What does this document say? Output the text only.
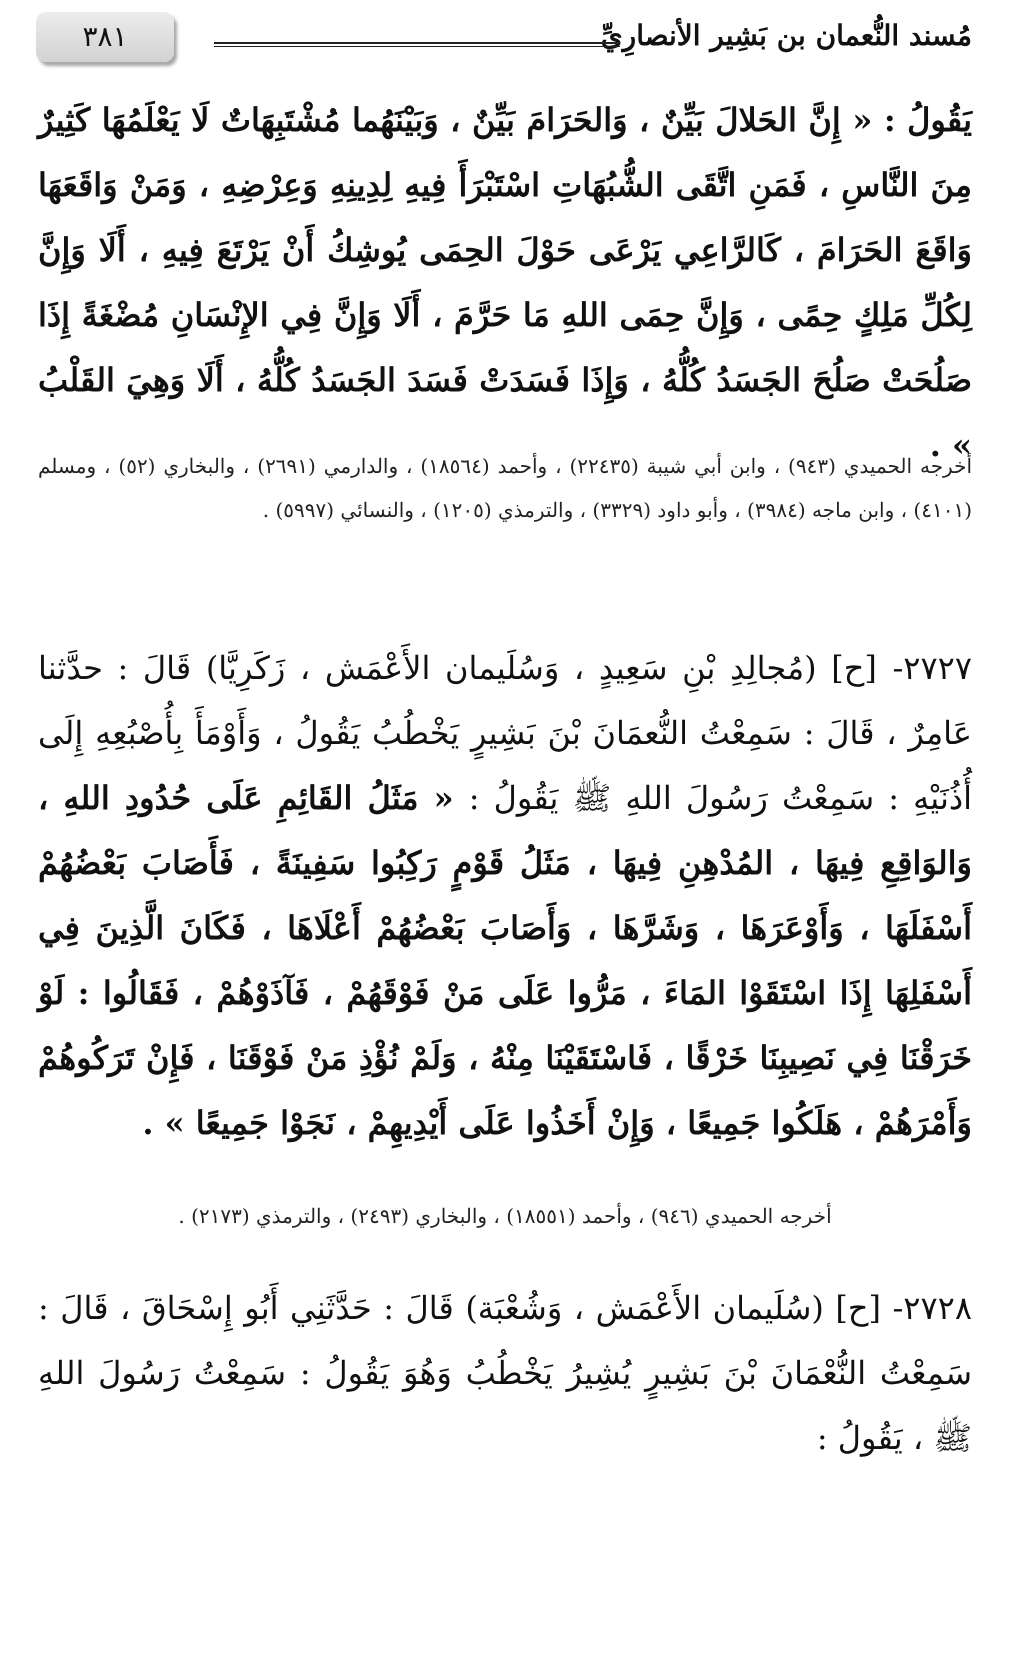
مُسند النُّعمان بن بَشِير الأنصارِيِّ
٣٨١

يَقُولُ : « إِنَّ الحَلالَ بَيِّنٌ ، وَالحَرَامَ بَيِّنٌ ، وَبَيْنَهُما مُشْتَبِهَاتٌ لَا يَعْلَمُهَا كَثِيرٌ مِنَ النَّاسِ ، فَمَنِ اتَّقَى الشُّبُهَاتِ اسْتَبْرَأَ فِيهِ لِدِينِهِ وَعِرْضِهِ ، وَمَنْ وَاقَعَهَا وَاقَعَ الحَرَامَ ، كَالرَّاعِي يَرْعَى حَوْلَ الحِمَى يُوشِكُ أَنْ يَرْتَعَ فِيهِ ، أَلَا وَإِنَّ لِكُلِّ مَلِكٍ حِمًى ، وَإِنَّ حِمَى اللهِ مَا حَرَّمَ ، أَلَا وَإِنَّ فِي الإِنْسَانِ مُضْغَةً إِذَا صَلُحَتْ صَلُحَ الجَسَدُ كُلُّهُ ، وَإِذَا فَسَدَتْ فَسَدَ الجَسَدُ كُلُّهُ ، أَلَا وَهِيَ القَلْبُ » .

أخرجه الحميدي (٩٤٣) ، وابن أبي شيبة (٢٢٤٣٥) ، وأحمد (١٨٥٦٤) ، والدارمي (٢٦٩١) ، والبخاري (٥٢) ، ومسلم (٤١٠١) ، وابن ماجه (٣٩٨٤) ، وأبو داود (٣٣٢٩) ، والترمذي (١٢٠٥) ، والنسائي (٥٩٩٧) .

٢٧٢٧- [ح] (مُجالِدِ بْنِ سَعِيدٍ ، وَسُلَيمان الأَعْمَش ، زَكَرِيَّا) قَالَ : حدَّثنا عَامِرٌ ، قَالَ : سَمِعْتُ النُّعمَانَ بْنَ بَشِيرٍ يَخْطُبُ يَقُولُ ، وَأَوْمَأَ بِأُصْبُعِهِ إِلَى أُذُنَيْهِ : سَمِعْتُ رَسُولَ اللهِ ﷺ يَقُولُ : « مَثَلُ القَائِمِ عَلَى حُدُودِ اللهِ ، وَالوَاقِعِ فِيهَا ، المُدْهِنِ فِيهَا ، مَثَلُ قَوْمٍ رَكِبُوا سَفِينَةً ، فَأَصَابَ بَعْضُهُمْ أَسْفَلَهَا ، وَأَوْعَرَهَا ، وَشَرَّهَا ، وَأَصَابَ بَعْضُهُمْ أَعْلَاهَا ، فَكَانَ الَّذِينَ فِي أَسْفَلِهَا إِذَا اسْتَقَوْا المَاءَ ، مَرُّوا عَلَى مَنْ فَوْقَهُمْ ، فَآذَوْهُمْ ، فَقَالُوا : لَوْ خَرَقْنَا فِي نَصِيبِنَا خَرْقًا ، فَاسْتَقَيْنَا مِنْهُ ، وَلَمْ نُؤْذِ مَنْ فَوْقَنَا ، فَإِنْ تَرَكُوهُمْ وَأَمْرَهُمْ ، هَلَكُوا جَمِيعًا ، وَإِنْ أَخَذُوا عَلَى أَيْدِيهِمْ ، نَجَوْا جَمِيعًا » .

أخرجه الحميدي (٩٤٦) ، وأحمد (١٨٥٥١) ، والبخاري (٢٤٩٣) ، والترمذي (٢١٧٣) .

٢٧٢٨- [ح] (سُلَيمان الأَعْمَش ، وَشُعْبَة) قَالَ : حَدَّثَنِي أَبُو إِسْحَاقَ ، قَالَ : سَمِعْتُ النُّعْمَانَ بْنَ بَشِيرٍ يُشِيرُ يَخْطُبُ وَهُوَ يَقُولُ : سَمِعْتُ رَسُولَ اللهِ ﷺ ، يَقُولُ :
